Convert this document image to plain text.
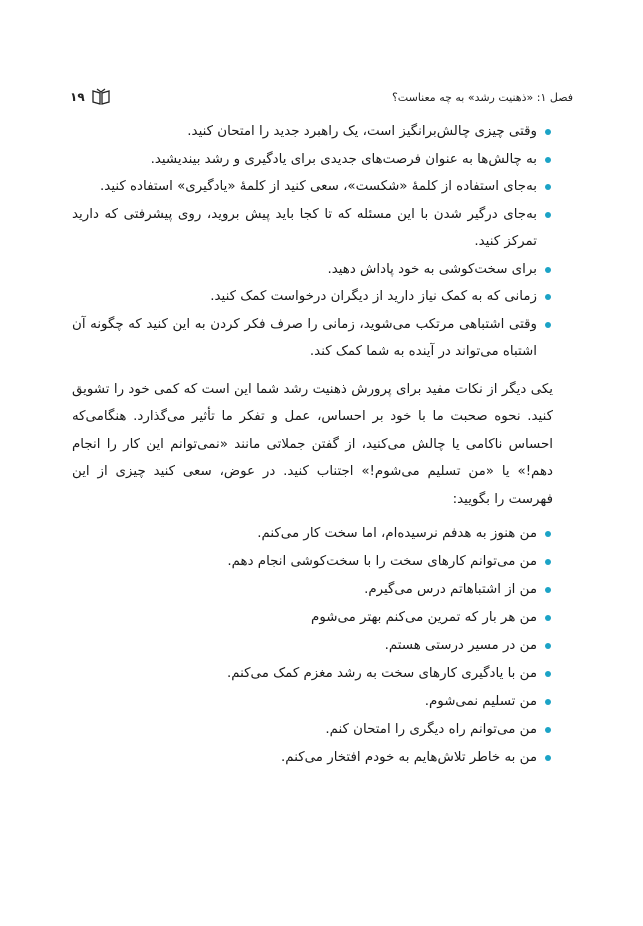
فصل ۱: «ذهنیت رشد» به چه معناست؟
۱۹
وقتی چیزی چالش‌برانگیز است، یک راهبرد جدید را امتحان کنید.
به چالش‌ها به عنوان فرصت‌های جدیدی برای یادگیری و رشد بیندیشید.
به‌جای استفاده از کلمهٔ «شکست»، سعی کنید از کلمهٔ «یادگیری» استفاده کنید.
به‌جای درگیر شدن با این مسئله که تا کجا باید پیش بروید، روی پیشرفتی که دارید تمرکز کنید.
برای سخت‌کوشی به خود پاداش دهید.
زمانی که به کمک نیاز دارید از دیگران درخواست کمک کنید.
وقتی اشتباهی مرتکب می‌شوید، زمانی را صرف فکر کردن به این کنید که چگونه آن اشتباه می‌تواند در آینده به شما کمک کند.

یکی دیگر از نکات مفید برای پرورش ذهنیت رشد شما این است که کمی خود را تشویق کنید. نحوه صحبت ما با خود بر احساس، عمل و تفکر ما تأثیر می‌گذارد. هنگامی‌که احساس ناکامی یا چالش می‌کنید، از گفتن جملاتی مانند «نمی‌توانم این کار را انجام دهم!» یا «من تسلیم می‌شوم!» اجتناب کنید. در عوض، سعی کنید چیزی از این فهرست را بگویید:

من هنوز به هدفم نرسیده‌ام، اما سخت کار می‌کنم.
من می‌توانم کارهای سخت را با سخت‌کوشی انجام دهم.
من از اشتباهاتم درس می‌گیرم.
من هر بار که تمرین می‌کنم بهتر می‌شوم
من در مسیر درستی هستم.
من با یادگیری کارهای سخت به رشد مغزم کمک می‌کنم.
من تسلیم نمی‌شوم.
من می‌توانم راه دیگری را امتحان کنم.
من به خاطر تلاش‌هایم به خودم افتخار می‌کنم.
